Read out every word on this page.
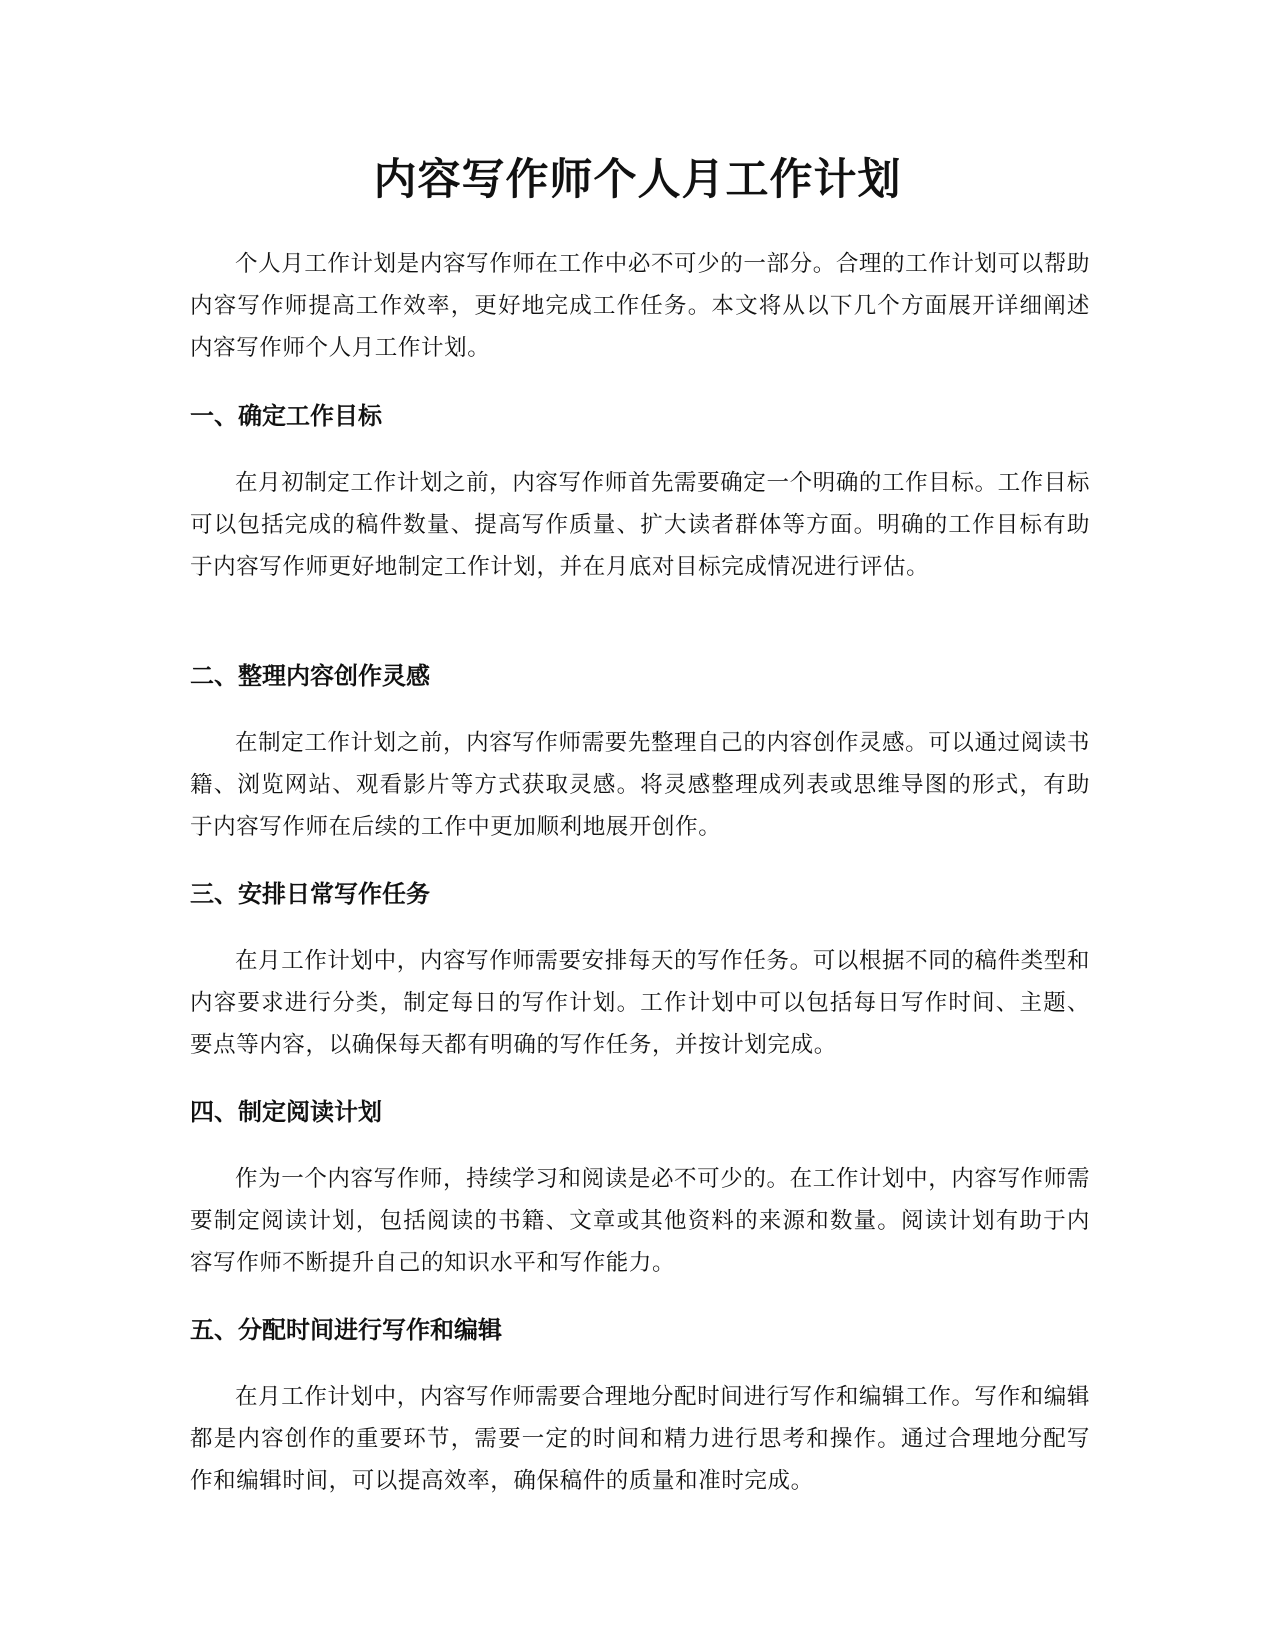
内容写作师个人月工作计划

个人月工作计划是内容写作师在工作中必不可少的一部分。合理的工作计划可以帮助内容写作师提高工作效率，更好地完成工作任务。本文将从以下几个方面展开详细阐述内容写作师个人月工作计划。

一、确定工作目标

在月初制定工作计划之前，内容写作师首先需要确定一个明确的工作目标。工作目标可以包括完成的稿件数量、提高写作质量、扩大读者群体等方面。明确的工作目标有助于内容写作师更好地制定工作计划，并在月底对目标完成情况进行评估。

二、整理内容创作灵感

在制定工作计划之前，内容写作师需要先整理自己的内容创作灵感。可以通过阅读书籍、浏览网站、观看影片等方式获取灵感。将灵感整理成列表或思维导图的形式，有助于内容写作师在后续的工作中更加顺利地展开创作。

三、安排日常写作任务

在月工作计划中，内容写作师需要安排每天的写作任务。可以根据不同的稿件类型和内容要求进行分类，制定每日的写作计划。工作计划中可以包括每日写作时间、主题、要点等内容，以确保每天都有明确的写作任务，并按计划完成。

四、制定阅读计划

作为一个内容写作师，持续学习和阅读是必不可少的。在工作计划中，内容写作师需要制定阅读计划，包括阅读的书籍、文章或其他资料的来源和数量。阅读计划有助于内容写作师不断提升自己的知识水平和写作能力。

五、分配时间进行写作和编辑

在月工作计划中，内容写作师需要合理地分配时间进行写作和编辑工作。写作和编辑都是内容创作的重要环节，需要一定的时间和精力进行思考和操作。通过合理地分配写作和编辑时间，可以提高效率，确保稿件的质量和准时完成。
